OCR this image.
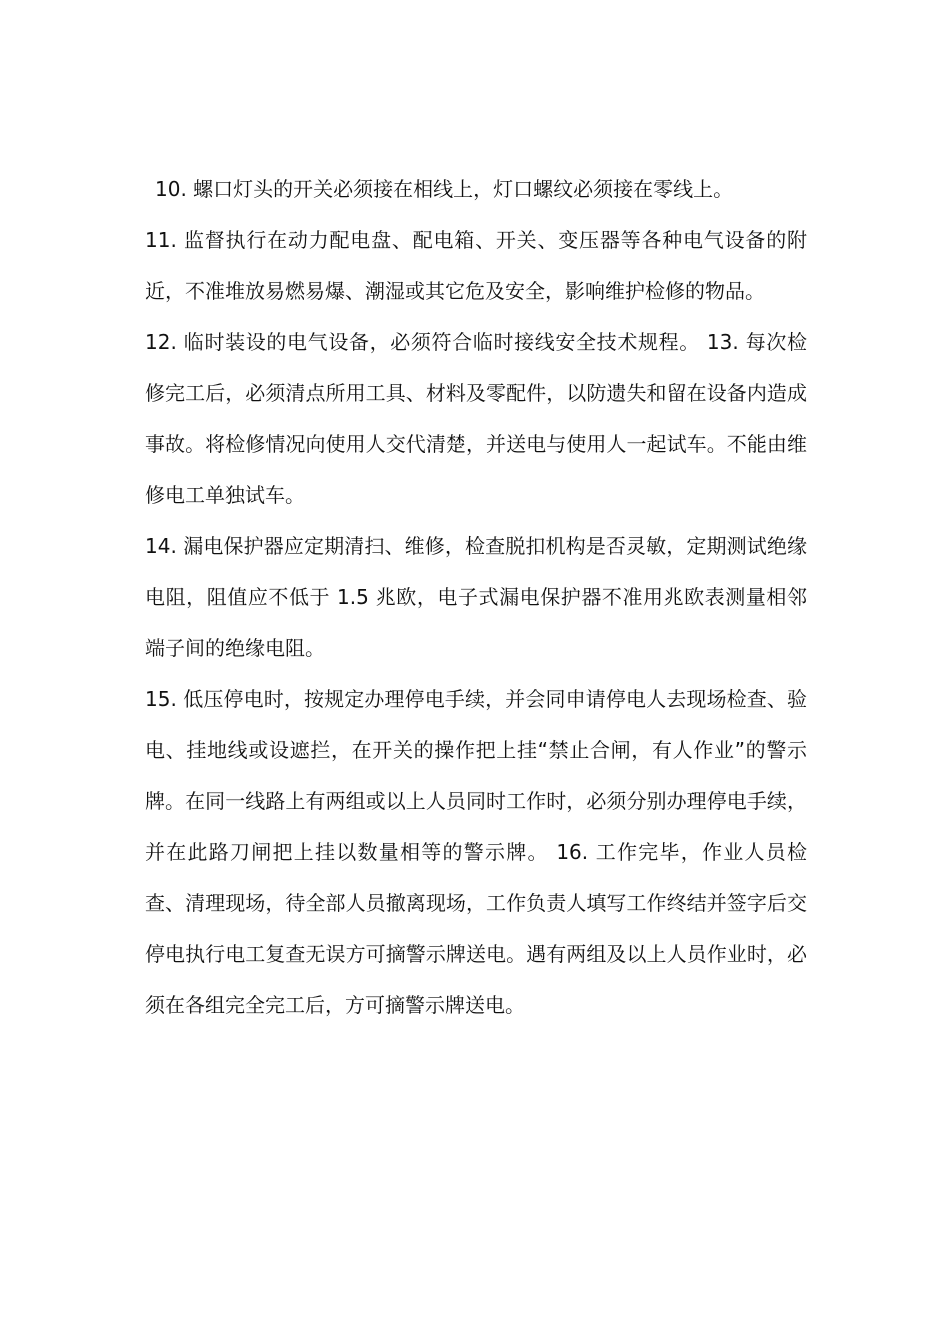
10. 螺口灯头的开关必须接在相线上，灯口螺纹必须接在零线上。

11. 监督执行在动力配电盘、配电箱、开关、变压器等各种电气设备的附近，不准堆放易燃易爆、潮湿或其它危及安全，影响维护检修的物品。

12. 临时装设的电气设备，必须符合临时接线安全技术规程。 13. 每次检修完工后，必须清点所用工具、材料及零配件，以防遗失和留在设备内造成事故。将检修情况向使用人交代清楚，并送电与使用人一起试车。不能由维修电工单独试车。

14. 漏电保护器应定期清扫、维修，检查脱扣机构是否灵敏，定期测试绝缘电阻，阻值应不低于 1.5 兆欧，电子式漏电保护器不准用兆欧表测量相邻端子间的绝缘电阻。

15. 低压停电时，按规定办理停电手续，并会同申请停电人去现场检查、验电、挂地线或设遮拦，在开关的操作把上挂“禁止合闸，有人作业”的警示牌。在同一线路上有两组或以上人员同时工作时，必须分别办理停电手续，并在此路刀闸把上挂以数量相等的警示牌。 16. 工作完毕，作业人员检查、清理现场，待全部人员撤离现场，工作负责人填写工作终结并签字后交停电执行电工复查无误方可摘警示牌送电。遇有两组及以上人员作业时，必须在各组完全完工后，方可摘警示牌送电。
